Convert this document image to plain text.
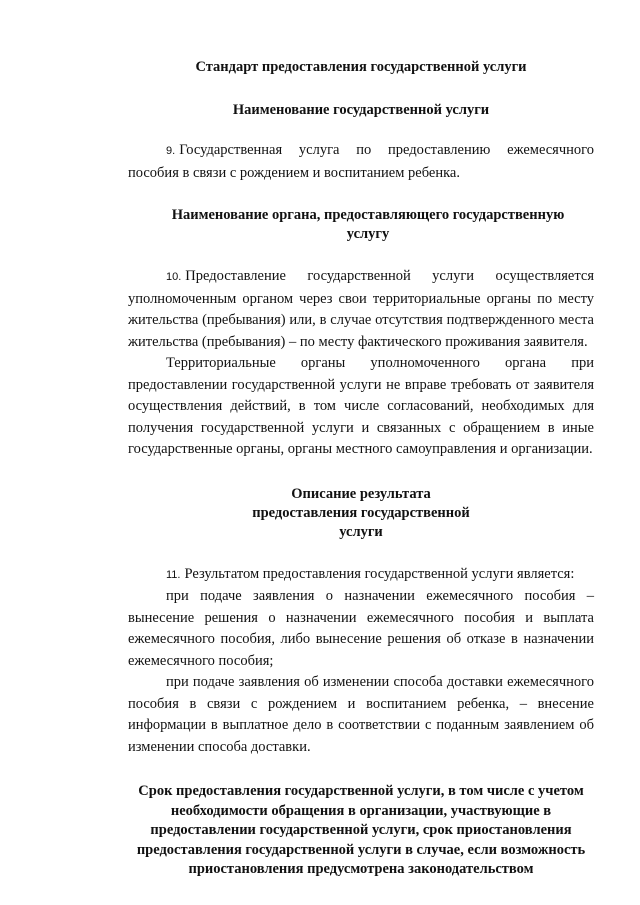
Стандарт предоставления государственной услуги
Наименование государственной услуги

9. Государственная услуга по предоставлению ежемесячного пособия в связи с рождением и воспитанием ребенка.

Наименование органа, предоставляющего государственную услугу

10. Предоставление государственной услуги осуществляется уполномоченным органом через свои территориальные органы по месту жительства (пребывания) или, в случае отсутствия подтвержденного места жительства (пребывания) – по месту фактического проживания заявителя.

Территориальные органы уполномоченного органа при предоставлении государственной услуги не вправе требовать от заявителя осуществления действий, в том числе согласований, необходимых для получения государственной услуги и связанных с обращением в иные государственные органы, органы местного самоуправления и организации.

Описание результата предоставления государственной услуги

11. Результатом предоставления государственной услуги является:

при подаче заявления о назначении ежемесячного пособия – вынесение решения о назначении ежемесячного пособия и выплата ежемесячного пособия, либо вынесение решения об отказе в назначении ежемесячного пособия;

при подаче заявления об изменении способа доставки ежемесячного пособия в связи с рождением и воспитанием ребенка, – внесение информации в выплатное дело в соответствии с поданным заявлением об изменении способа доставки.

Срок предоставления государственной услуги, в том числе с учетом необходимости обращения в организации, участвующие в предоставлении государственной услуги, срок приостановления предоставления государственной услуги в случае, если возможность приостановления предусмотрена законодательством
